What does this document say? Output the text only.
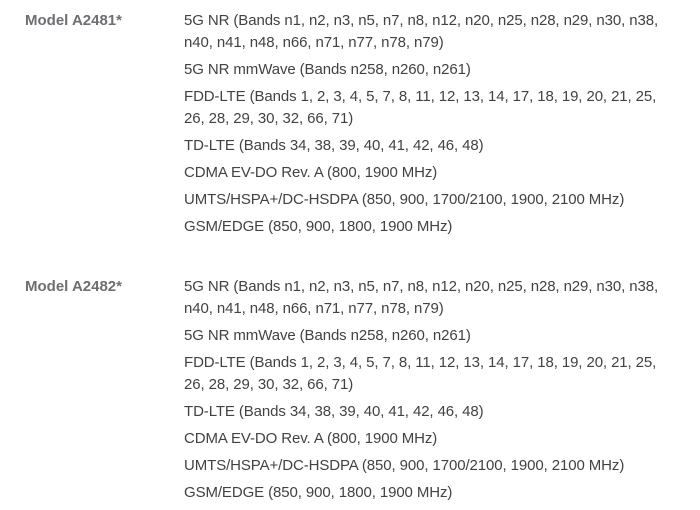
Model A2481*	5G NR (Bands n1, n2, n3, n5, n7, n8, n12, n20, n25, n28, n29, n30, n38, n40, n41, n48, n66, n71, n77, n78, n79)
5G NR mmWave (Bands n258, n260, n261)
FDD-LTE (Bands 1, 2, 3, 4, 5, 7, 8, 11, 12, 13, 14, 17, 18, 19, 20, 21, 25, 26, 28, 29, 30, 32, 66, 71)
TD-LTE (Bands 34, 38, 39, 40, 41, 42, 46, 48)
CDMA EV-DO Rev. A (800, 1900 MHz)
UMTS/HSPA+/DC-HSDPA (850, 900, 1700/2100, 1900, 2100 MHz)
GSM/EDGE (850, 900, 1800, 1900 MHz)
Model A2482*	5G NR (Bands n1, n2, n3, n5, n7, n8, n12, n20, n25, n28, n29, n30, n38, n40, n41, n48, n66, n71, n77, n78, n79)
5G NR mmWave (Bands n258, n260, n261)
FDD-LTE (Bands 1, 2, 3, 4, 5, 7, 8, 11, 12, 13, 14, 17, 18, 19, 20, 21, 25, 26, 28, 29, 30, 32, 66, 71)
TD-LTE (Bands 34, 38, 39, 40, 41, 42, 46, 48)
CDMA EV-DO Rev. A (800, 1900 MHz)
UMTS/HSPA+/DC-HSDPA (850, 900, 1700/2100, 1900, 2100 MHz)
GSM/EDGE (850, 900, 1800, 1900 MHz)
